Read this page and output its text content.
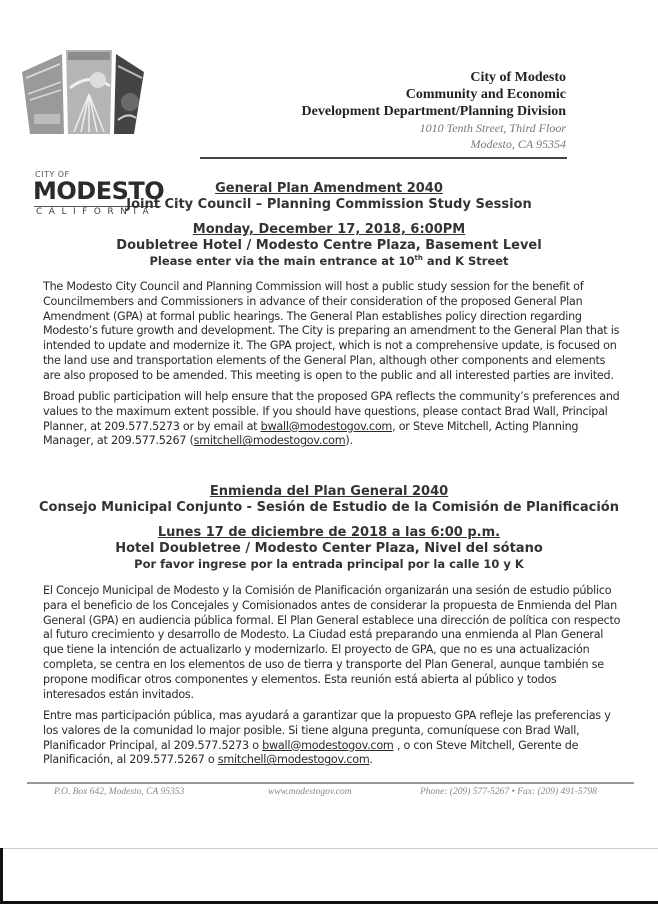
CITY OF
MODESTO
CALIFORNIA
City of Modesto
Community and Economic
Development Department/Planning Division
1010 Tenth Street, Third Floor
Modesto, CA 95354
General Plan Amendment 2040
Joint City Council – Planning Commission Study Session
Monday, December 17, 2018, 6:00PM
Doubletree Hotel / Modesto Centre Plaza, Basement Level
Please enter via the main entrance at 10th and K Street
The Modesto City Council and Planning Commission will host a public study session for the benefit of Councilmembers and Commissioners in advance of their consideration of the proposed General Plan Amendment (GPA) at formal public hearings. The General Plan establishes policy direction regarding Modesto’s future growth and development. The City is preparing an amendment to the General Plan that is intended to update and modernize it. The GPA project, which is not a comprehensive update, is focused on the land use and transportation elements of the General Plan, although other components and elements are also proposed to be amended. This meeting is open to the public and all interested parties are invited.
Broad public participation will help ensure that the proposed GPA reflects the community’s preferences and values to the maximum extent possible. If you should have questions, please contact Brad Wall, Principal Planner, at 209.577.5273 or by email at bwall@modestogov.com, or Steve Mitchell, Acting Planning Manager, at 209.577.5267 (smitchell@modestogov.com).
Enmienda del Plan General 2040
Consejo Municipal Conjunto - Sesión de Estudio de la Comisión de Planificación
Lunes 17 de diciembre de 2018 a las 6:00 p.m.
Hotel Doubletree / Modesto Center Plaza, Nivel del sótano
Por favor ingrese por la entrada principal por la calle 10 y K
El Concejo Municipal de Modesto y la Comisión de Planificación organizarán una sesión de estudio público para el beneficio de los Concejales y Comisionados antes de considerar la propuesta de Enmienda del Plan General (GPA) en audiencia pública formal. El Plan General establece una dirección de política con respecto al futuro crecimiento y desarrollo de Modesto. La Ciudad está preparando una enmienda al Plan General que tiene la intención de actualizarlo y modernizarlo. El proyecto de GPA, que no es una actualización completa, se centra en los elementos de uso de tierra y transporte del Plan General, aunque también se propone modificar otros componentes y elementos. Esta reunión está abierta al público y todos interesados están invitados.
Entre mas participación pública, mas ayudará a garantizar que la propuesto GPA refleje las preferencias y los valores de la comunidad lo major posible. Si tiene alguna pregunta, comuníquese con Brad Wall, Planificador Principal, al 209.577.5273 o bwall@modestogov.com , o con Steve Mitchell, Gerente de Planificación, al 209.577.5267 o smitchell@modestogov.com.
P.O. Box 642, Modesto, CA 95353	www.modestogov.com	Phone: (209) 577-5267 • Fax: (209) 491-5798
